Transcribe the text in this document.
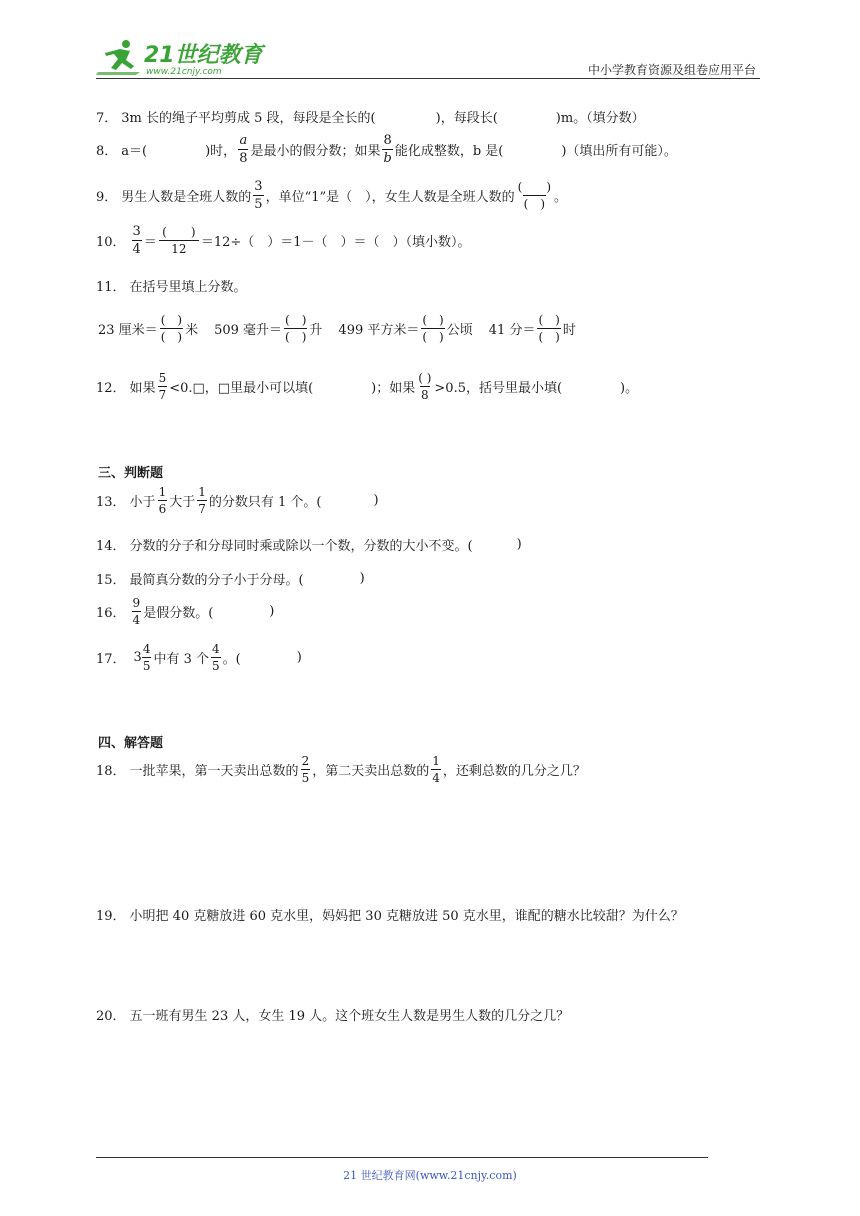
21世纪教育
www.21cnjy.com	中小学教育资源及组卷应用平台
7． 3m 长的绳子平均剪成 5 段，每段是全长的(	)，每段长(	)m。（填分数）
8． a＝(	)时， $\frac{a}{8}$ 是最小的假分数；如果 $\frac{8}{b}$ 能化成整数，b 是(	)（填出所有可能）。
9． 男生人数是全班人数的 $\frac{3}{5}$ ，单位“1”是（　），女生人数是全班人数的 $\frac{( )}{( )}$ 。
10． $\frac{3}{4} = \frac{( )}{12} =12\div$（　）＝1－（　）＝（　）（填小数）。
11． 在括号里填上分数。
23 厘米＝ $\frac{( )}{( )}$ 米 509 毫升＝ $\frac{( )}{( )}$ 升 499 平方米＝ $\frac{( )}{( )}$ 公顷 41 分＝ $\frac{( )}{( )}$ 时
12． 如果 $\frac{5}{7}$ <0.□，□里最小可以填(	)；如果 $\frac{( )}{8} >0.5$，括号里最小填(	)。
三、判断题
13． 小于 $\frac{1}{6}$ 大于 $\frac{1}{7}$ 的分数只有 1 个。(	)
14． 分数的分子和分母同时乘或除以一个数，分数的大小不变。(	)
15． 最简真分数的分子小于分母。(	)
16． $\frac{9}{4}$ 是假分数。(	)
17． $3 \frac{4}{5}$ 中有 3 个 $\frac{4}{5}$ 。(	)
四、解答题
18． 一批苹果，第一天卖出总数的 $\frac{2}{5}$ ，第二天卖出总数的 $\frac{1}{4}$ ，还剩总数的几分之几？
19． 小明把 40 克糖放进 60 克水里，妈妈把 30 克糖放进 50 克水里，谁配的糖水比较甜？为什么？
20． 五一班有男生 23 人，女生 19 人。这个班女生人数是男生人数的几分之几？
21 世纪教育网(www.21cnjy.com)
